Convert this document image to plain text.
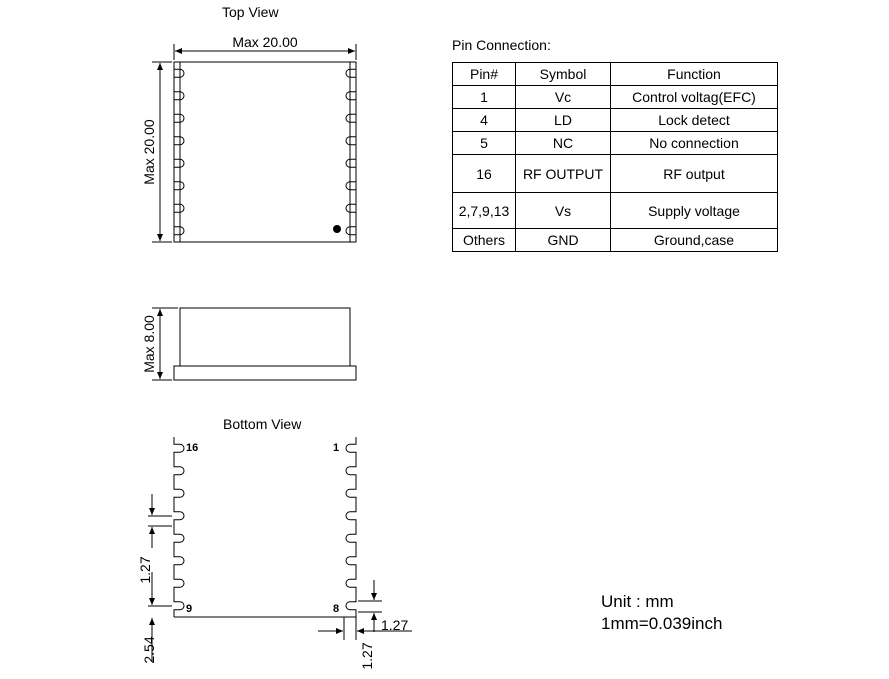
Max 20.00
Max 20.00
Max 8.00
16	1
9	8
1.27
2.54
1.27
1.27
Top View
Bottom View
Pin Connection:
Pin#	Symbol	Function
1	Vc	Control voltag(EFC)
4	LD	Lock detect
5	NC	No connection
16	RF OUTPUT	RF output
2,7,9,13	Vs	Supply voltage
Others	GND	Ground,case
Unit : mm
1mm=0.039inch
